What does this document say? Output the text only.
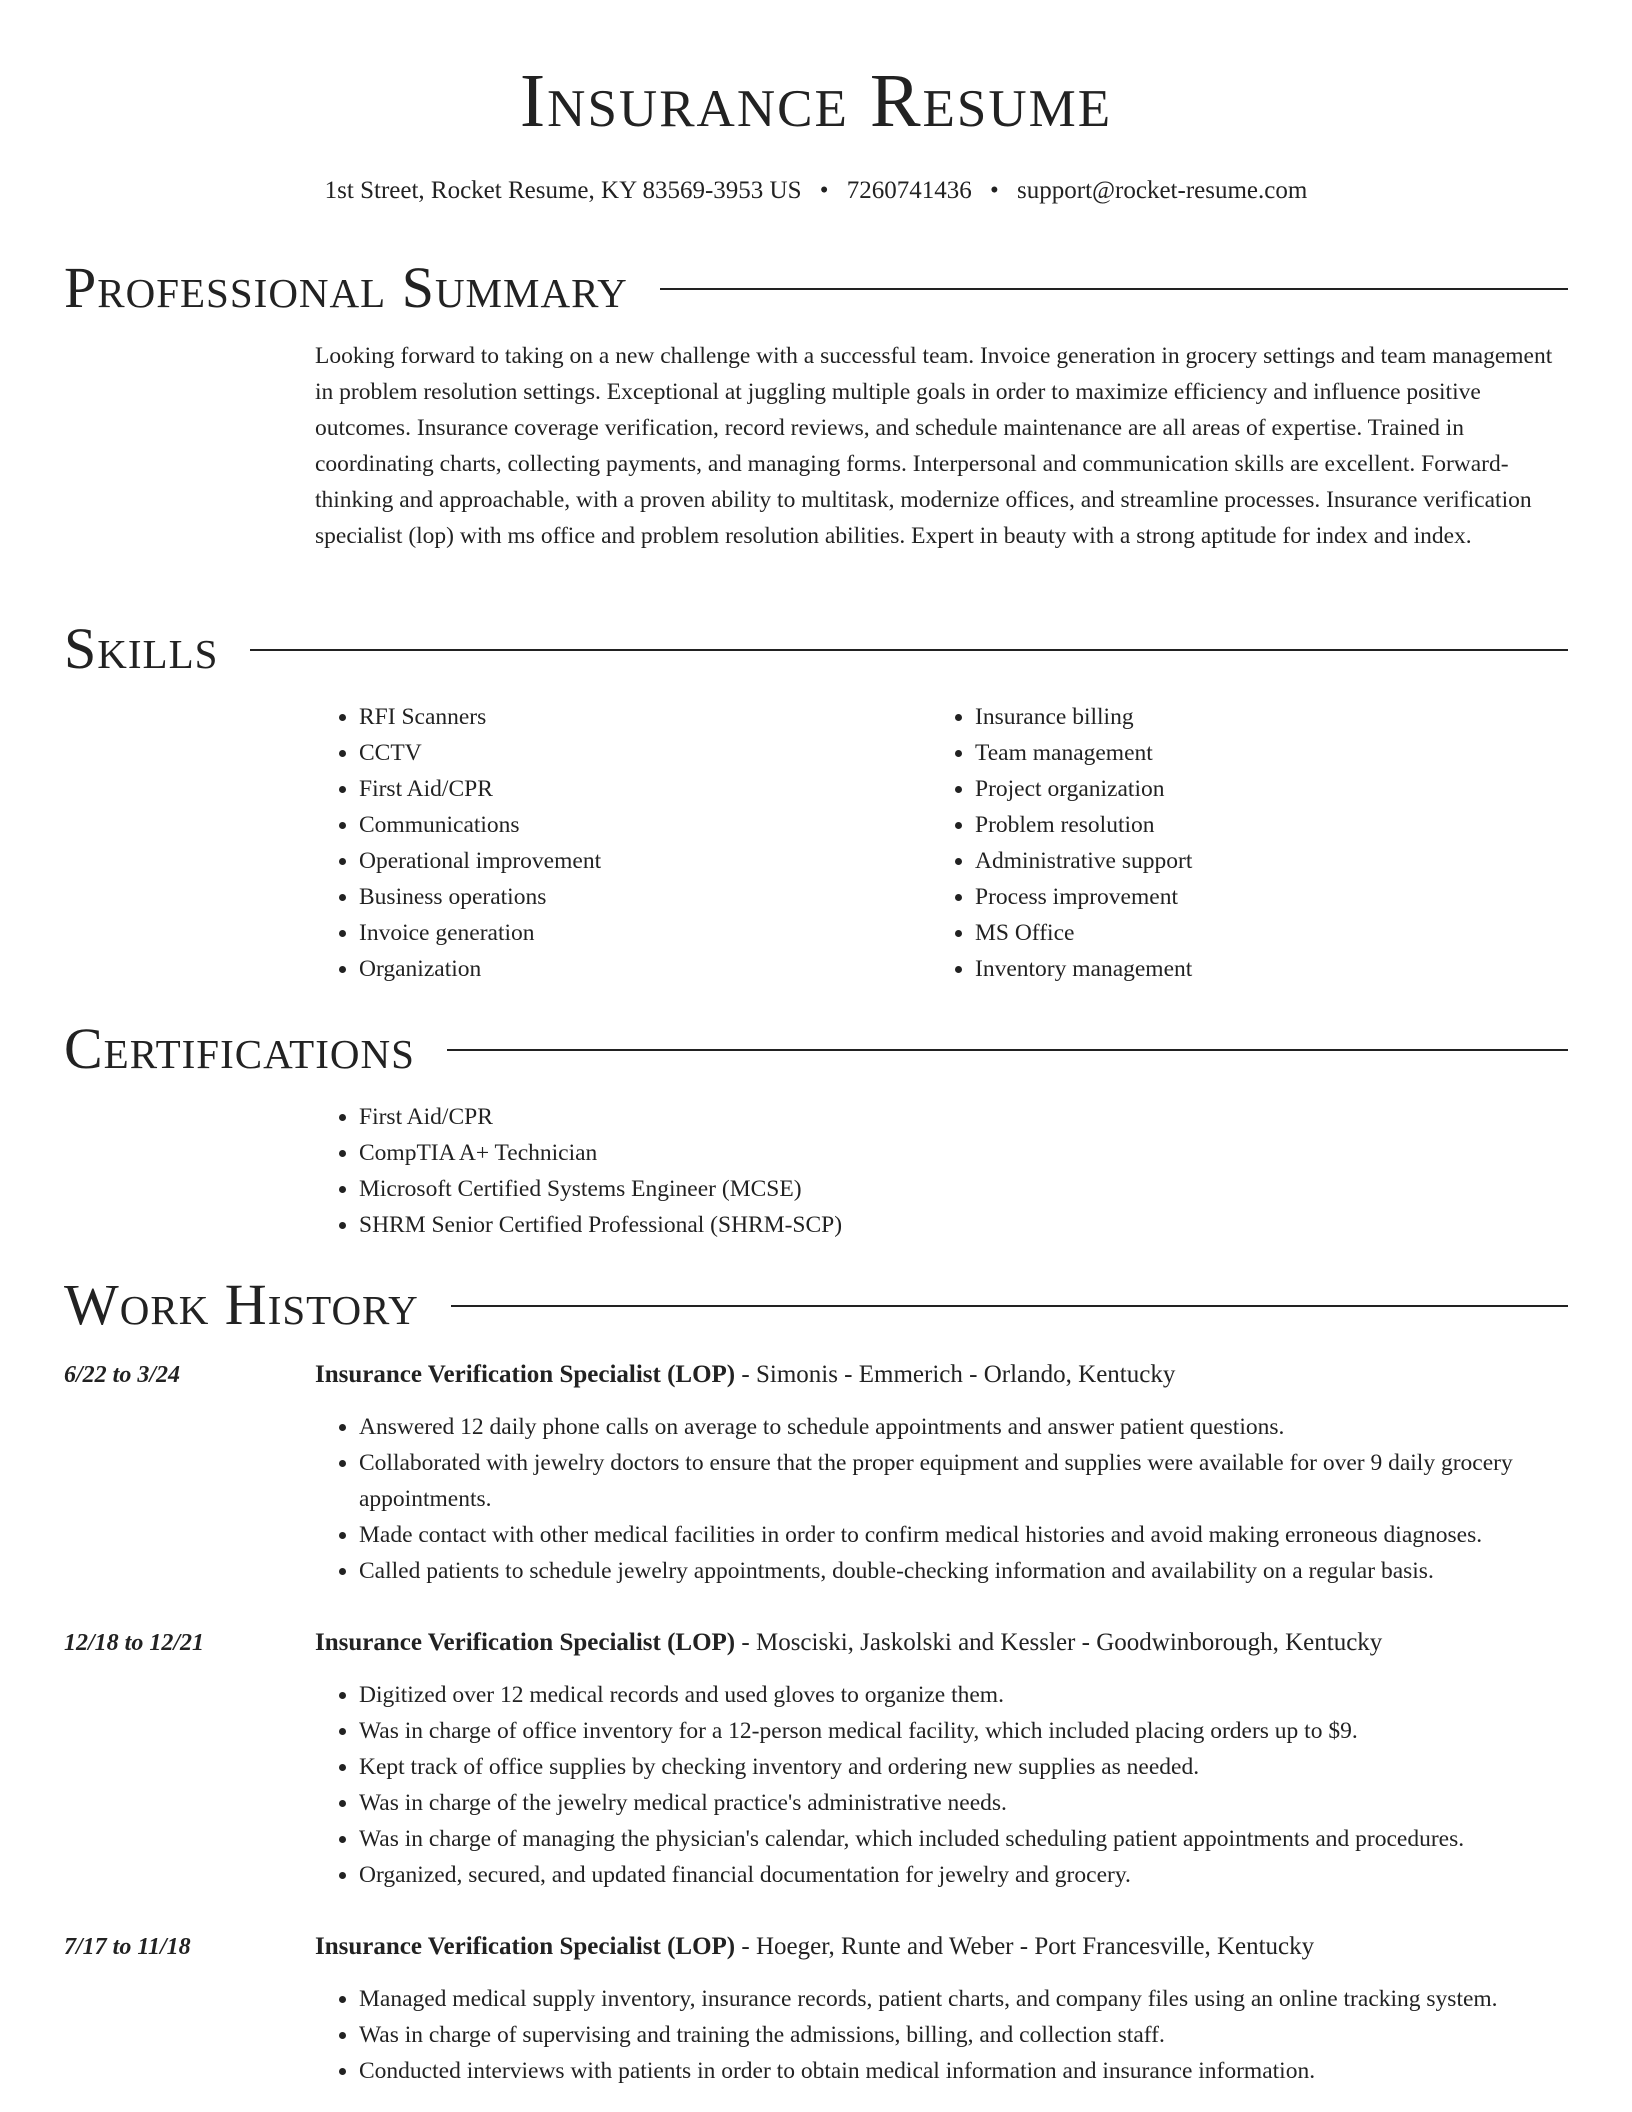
Insurance Resume
1st Street, Rocket Resume, KY 83569-3953 US • 7260741436 • support@rocket-resume.com
Professional Summary

Looking forward to taking on a new challenge with a successful team. Invoice generation in grocery settings and team management in problem resolution settings. Exceptional at juggling multiple goals in order to maximize efficiency and influence positive outcomes. Insurance coverage verification, record reviews, and schedule maintenance are all areas of expertise. Trained in coordinating charts, collecting payments, and managing forms. Interpersonal and communication skills are excellent. Forward-thinking and approachable, with a proven ability to multitask, modernize offices, and streamline processes. Insurance verification specialist (lop) with ms office and problem resolution abilities. Expert in beauty with a strong aptitude for index and index.

Skills
• RFI Scanners
• CCTV
• First Aid/CPR
• Communications
• Operational improvement
• Business operations
• Invoice generation
• Organization
• Insurance billing
• Team management
• Project organization
• Problem resolution
• Administrative support
• Process improvement
• MS Office
• Inventory management
Certifications
• First Aid/CPR
• CompTIA A+ Technician
• Microsoft Certified Systems Engineer (MCSE)
• SHRM Senior Certified Professional (SHRM-SCP)
Work History
6/22 to 3/24	Insurance Verification Specialist (LOP) - Simonis - Emmerich - Orlando, Kentucky
• Answered 12 daily phone calls on average to schedule appointments and answer patient questions.
• Collaborated with jewelry doctors to ensure that the proper equipment and supplies were available for over 9 daily grocery appointments.
• Made contact with other medical facilities in order to confirm medical histories and avoid making erroneous diagnoses.
• Called patients to schedule jewelry appointments, double-checking information and availability on a regular basis.
12/18 to 12/21	Insurance Verification Specialist (LOP) - Mosciski, Jaskolski and Kessler - Goodwinborough, Kentucky
• Digitized over 12 medical records and used gloves to organize them.
• Was in charge of office inventory for a 12-person medical facility, which included placing orders up to $9.
• Kept track of office supplies by checking inventory and ordering new supplies as needed.
• Was in charge of the jewelry medical practice's administrative needs.
• Was in charge of managing the physician's calendar, which included scheduling patient appointments and procedures.
• Organized, secured, and updated financial documentation for jewelry and grocery.
7/17 to 11/18	Insurance Verification Specialist (LOP) - Hoeger, Runte and Weber - Port Francesville, Kentucky
• Managed medical supply inventory, insurance records, patient charts, and company files using an online tracking system.
• Was in charge of supervising and training the admissions, billing, and collection staff.
• Conducted interviews with patients in order to obtain medical information and insurance information.
